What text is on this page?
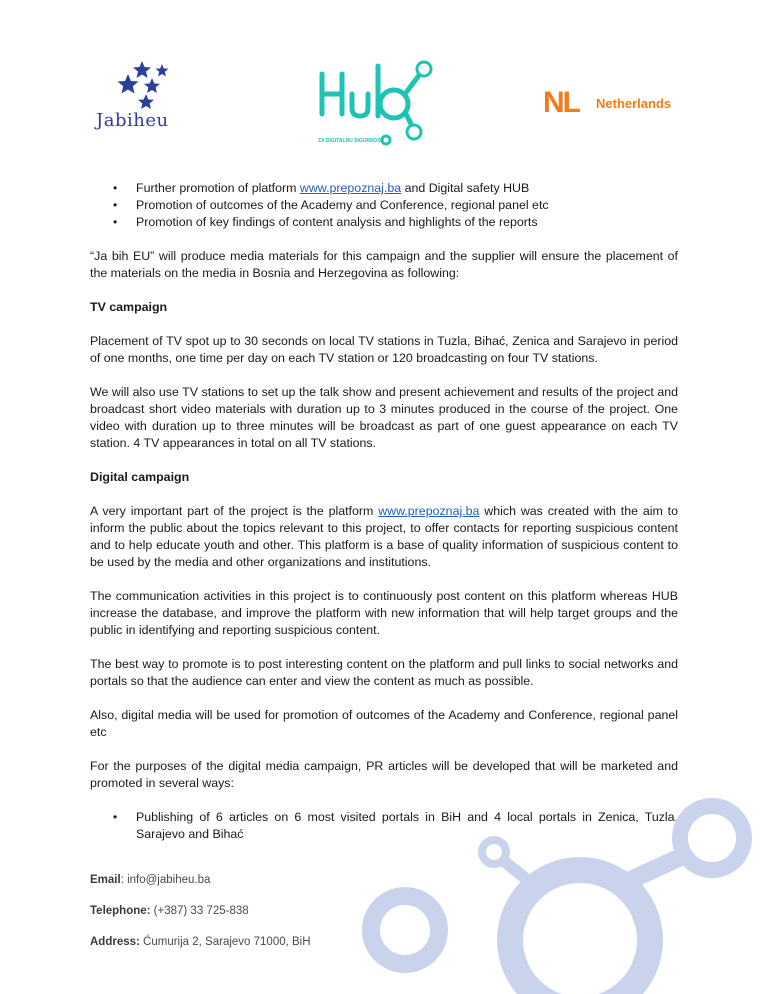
Jabiheu
ZA DIGITALNU SIGURNOST
NL Netherlands
• Further promotion of platform www.prepoznaj.ba and Digital safety HUB
• Promotion of outcomes of the Academy and Conference, regional panel etc
• Promotion of key findings of content analysis and highlights of the reports

“Ja bih EU” will produce media materials for this campaign and the supplier will ensure the placement of the materials on the media in Bosnia and Herzegovina as following:

TV campaign

Placement of TV spot up to 30 seconds on local TV stations in Tuzla, Bihać, Zenica and Sarajevo in period of one months, one time per day on each TV station or 120 broadcasting on four TV stations.

We will also use TV stations to set up the talk show and present achievement and results of the project and broadcast short video materials with duration up to 3 minutes produced in the course of the project. One video with duration up to three minutes will be broadcast as part of one guest appearance on each TV station. 4 TV appearances in total on all TV stations.

Digital campaign

A very important part of the project is the platform www.prepoznaj.ba which was created with the aim to inform the public about the topics relevant to this project, to offer contacts for reporting suspicious content and to help educate youth and other. This platform is a base of quality information of suspicious content to be used by the media and other organizations and institutions.

The communication activities in this project is to continuously post content on this platform whereas HUB increase the database, and improve the platform with new information that will help target groups and the public in identifying and reporting suspicious content.

The best way to promote is to post interesting content on the platform and pull links to social networks and portals so that the audience can enter and view the content as much as possible.

Also, digital media will be used for promotion of outcomes of the Academy and Conference, regional panel etc

For the purposes of the digital media campaign, PR articles will be developed that will be marketed and promoted in several ways:

• Publishing of 6 articles on 6 most visited portals in BiH and 4 local portals in Zenica, Tuzla, Sarajevo and Bihać
Email: info@jabiheu.ba
Telephone: (+387) 33 725-838
Address: Ćumurija 2, Sarajevo 71000, BiH
